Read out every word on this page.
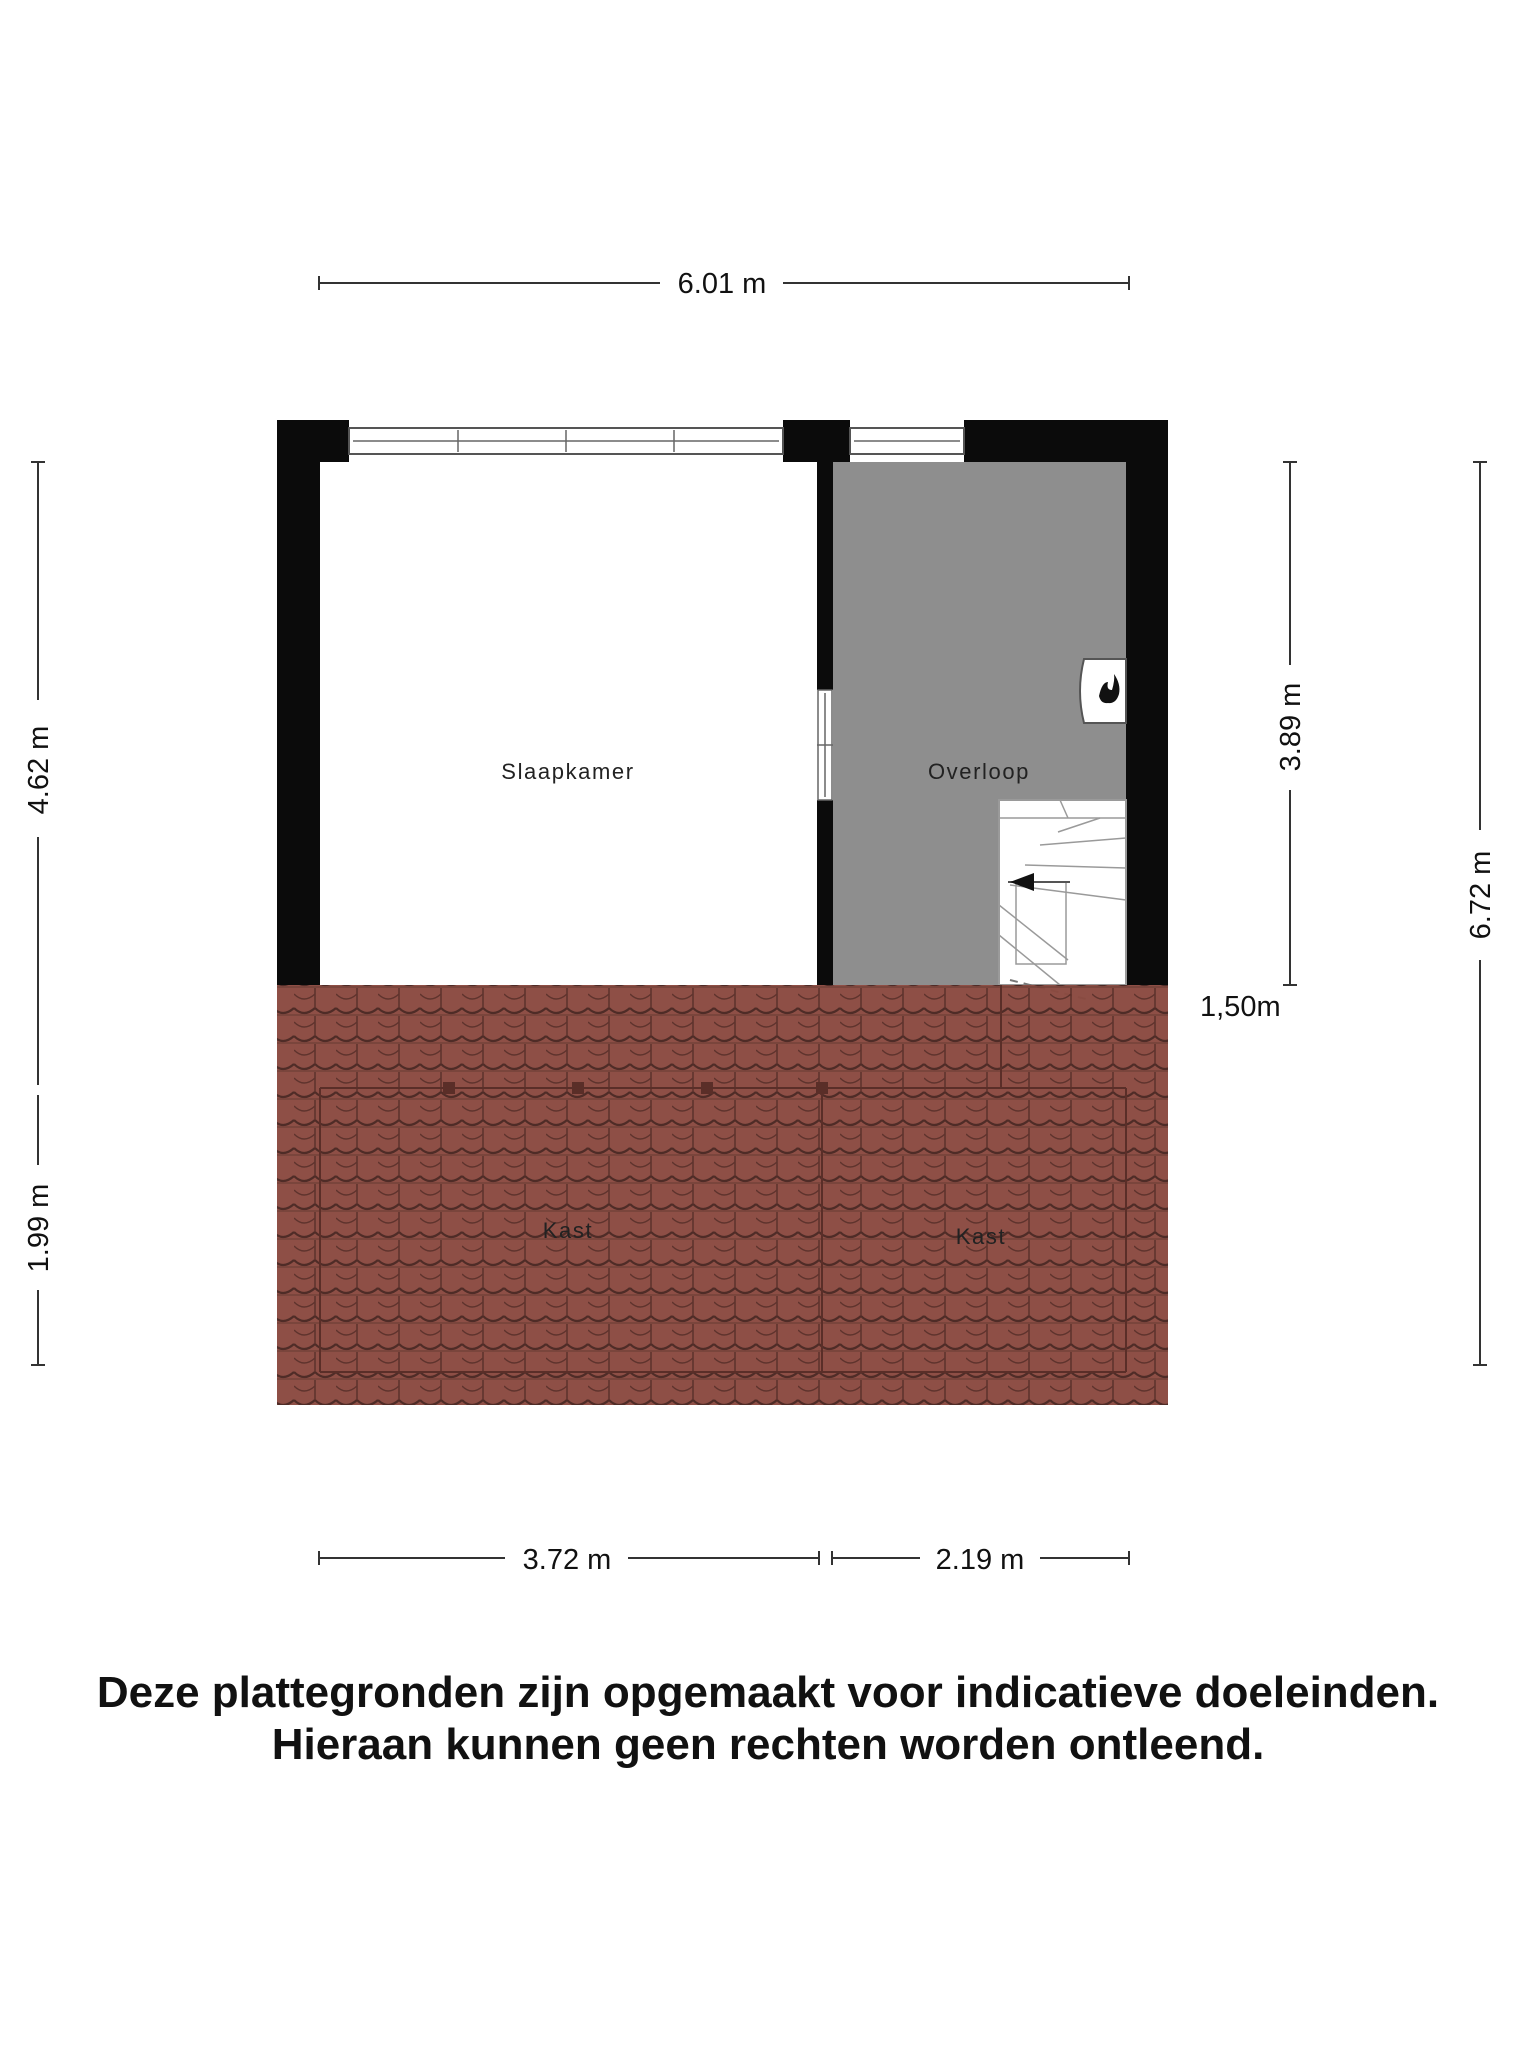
6.01 m
4.62 m
1.99 m
3.89 m
6.72 m
Slaapkamer	Overloop
Kast	Kast
1,50m
3.72 m	2.19 m
Deze plattegronden zijn opgemaakt voor indicatieve doeleinden.
Hieraan kunnen geen rechten worden ontleend.
